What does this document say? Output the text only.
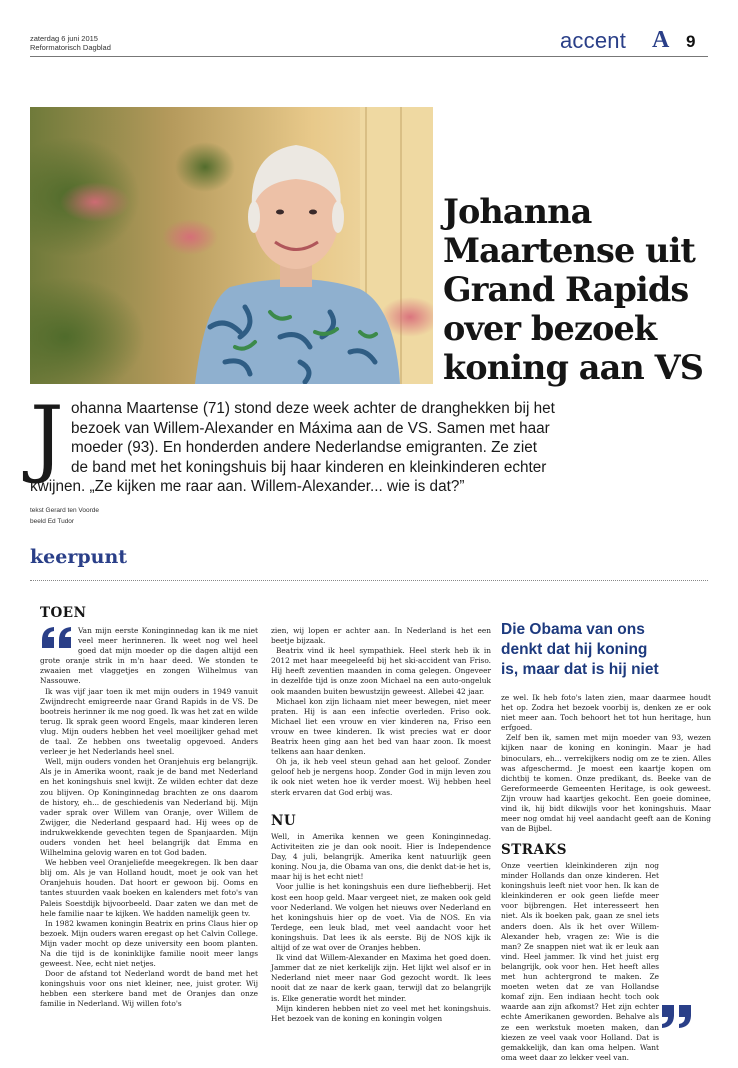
zaterdag 6 juni 2015
Reformatorisch Dagblad	accent A 9
Johanna
Maartense uit
Grand Rapids
over bezoek
koning aan VS
J ohanna Maartense (71) stond deze week achter de dranghekken bij het
bezoek van Willem-Alexander en Máxima aan de VS. Samen met haar
moeder (93). En honderden andere Nederlandse emigranten. Ze ziet
de band met het koningshuis bij haar kinderen en kleinkinderen echter
kwijnen. „Ze kijken me raar aan. Willem-Alexander... wie is dat?”
tekst Gerard ten Voorde
beeld Ed Tudor
keerpunt
TOEN

Van mijn eerste Koninginnedag kan ik me niet veel meer herinneren. Ik weet nog wel heel goed dat mijn moeder op die dagen altijd een grote oranje strik in m'n haar deed. We stonden te zwaaien met vlaggetjes en zongen Wilhelmus van Nassouwe.

Ik was vijf jaar toen ik met mijn ouders in 1949 vanuit Zwijndrecht emigreerde naar Grand Rapids in de VS. De bootreis herinner ik me nog goed. Ik was het zat en wilde terug. Ik sprak geen woord Engels, maar kinderen leren vlug. Mijn ouders hebben het veel moeilijker gehad met de taal. Ze hebben ons tweetalig opgevoed. Anders verleer je het Nederlands heel snel.

Well, mijn ouders vonden het Oranjehuis erg belangrijk. Als je in Amerika woont, raak je de band met Nederland en het koningshuis snel kwijt. Ze wilden echter dat deze zou blijven. Op Koninginnedag brachten ze ons daarom de history, eh... de geschiedenis van Nederland bij. Mijn vader sprak over Willem van Oranje, over Willem de Zwijger, die Nederland gespaard had. Hij wees op de indrukwekkende gevechten tegen de Spanjaarden. Mijn ouders vonden het heel belangrijk dat Emma en Wilhelmina gelovig waren en tot God baden.

We hebben veel Oranjeliefde meegekregen. Ik ben daar blij om. Als je van Holland houdt, moet je ook van het Oranjehuis houden. Dat hoort er gewoon bij. Ooms en tantes stuurden vaak boeken en kalenders met foto's van Paleis Soestdijk bijvoorbeeld. Daar zaten we dan met de hele familie naar te kijken. We hadden namelijk geen tv.

In 1982 kwamen koningin Beatrix en prins Claus hier op bezoek. Mijn ouders waren eregast op het Calvin College. Mijn vader mocht op deze university een boom planten. Na die tijd is de koninklijke familie nooit meer langs geweest. Nee, echt niet netjes.

Door de afstand tot Nederland wordt de band met het koningshuis voor ons niet kleiner, nee, juist groter. Wij hebben een sterkere band met de Oranjes dan onze familie in Nederland. Wij willen foto's

zien, wij lopen er achter aan. In Nederland is het een beetje bijzaak.

Beatrix vind ik heel sympathiek. Heel sterk heb ik in 2012 met haar meegeleefd bij het ski-accident van Friso. Hij heeft zeventien maanden in coma gelegen. Ongeveer in dezelfde tijd is onze zoon Michael na een auto-ongeluk ook maanden buiten bewustzijn geweest. Allebei 42 jaar.

Michael kon zijn lichaam niet meer bewegen, niet meer praten. Hij is aan een infectie overleden. Friso ook. Michael liet een vrouw en vier kinderen na, Friso een vrouw en twee kinderen. Ik wist precies wat er door Beatrix heen ging aan het bed van haar zoon. Ik moest telkens aan haar denken.

Oh ja, ik heb veel steun gehad aan het geloof. Zonder geloof heb je nergens hoop. Zonder God in mijn leven zou ik ook niet weten hoe ik verder moest. Wij hebben heel sterk ervaren dat God erbij was.

NU

Well, in Amerika kennen we geen Koninginnedag. Activiteiten zie je dan ook nooit. Hier is Independence Day, 4 juli, belangrijk. Amerika kent natuurlijk geen koning. Nou ja, die Obama van ons, die denkt dat-ie het is, maar hij is het echt niet!

Voor jullie is het koningshuis een dure liefhebberij. Het kost een hoop geld. Maar vergeet niet, ze maken ook geld voor Nederland. We volgen het nieuws over Nederland en het koningshuis hier op de voet. Via de NOS. En via Terdege, een leuk blad, met veel aandacht voor het koningshuis. Dat lees ik als eerste. Bij de NOS kijk ik altijd of ze wat over de Oranjes hebben.

Ik vind dat Willem-Alexander en Maxima het goed doen. Jammer dat ze niet kerkelijk zijn. Het lijkt wel alsof er in Nederland niet meer naar God gezocht wordt. Ik lees nooit dat ze naar de kerk gaan, terwijl dat zo belangrijk is. Elke generatie wordt het minder.

Mijn kinderen hebben niet zo veel met het koningshuis. Het bezoek van de koning en koningin volgen

Die Obama van ons
denkt dat hij koning
is, maar dat is hij niet

ze wel. Ik heb foto's laten zien, maar daarmee houdt het op. Zodra het bezoek voorbij is, denken ze er ook niet meer aan. Toch behoort het tot hun heritage, hun erfgoed.

Zelf ben ik, samen met mijn moeder van 93, wezen kijken naar de koning en koningin. Maar je had binoculars, eh... verrekijkers nodig om ze te zien. Alles was afgeschermd. Je moest een kaartje kopen om dichtbij te komen. Onze predikant, ds. Beeke van de Gereformeerde Gemeenten Heritage, is ook geweest. Zijn vrouw had kaartjes gekocht. Een goeie dominee, vind ik, hij bidt dikwijls voor het koningshuis. Maar meer nog omdat hij veel aandacht geeft aan de Koning van de Bijbel.

STRAKS

Onze veertien kleinkinderen zijn nog minder Hollands dan onze kinderen. Het koningshuis leeft niet voor hen. Ik kan de kleinkinderen er ook geen liefde meer voor bijbrengen. Het interesseert hen niet. Als ik boeken pak, gaan ze snel iets anders doen. Als ik het over Willem-Alexander heb, vragen ze: Wie is die man? Ze snappen niet wat ik er leuk aan vind. Heel jammer. Ik vind het juist erg belangrijk, ook voor hen. Het heeft alles met hun achtergrond te maken. Ze moeten weten dat ze van Hollandse komaf zijn. Een indiaan hecht toch ook waarde aan zijn afkomst? Het zijn echter echte Amerikanen geworden. Behalve als ze een werkstuk moeten maken, dan kiezen ze veel vaak voor Holland. Dat is gemakkelijk, dan kan oma helpen. Want oma weet daar zo lekker veel van.
